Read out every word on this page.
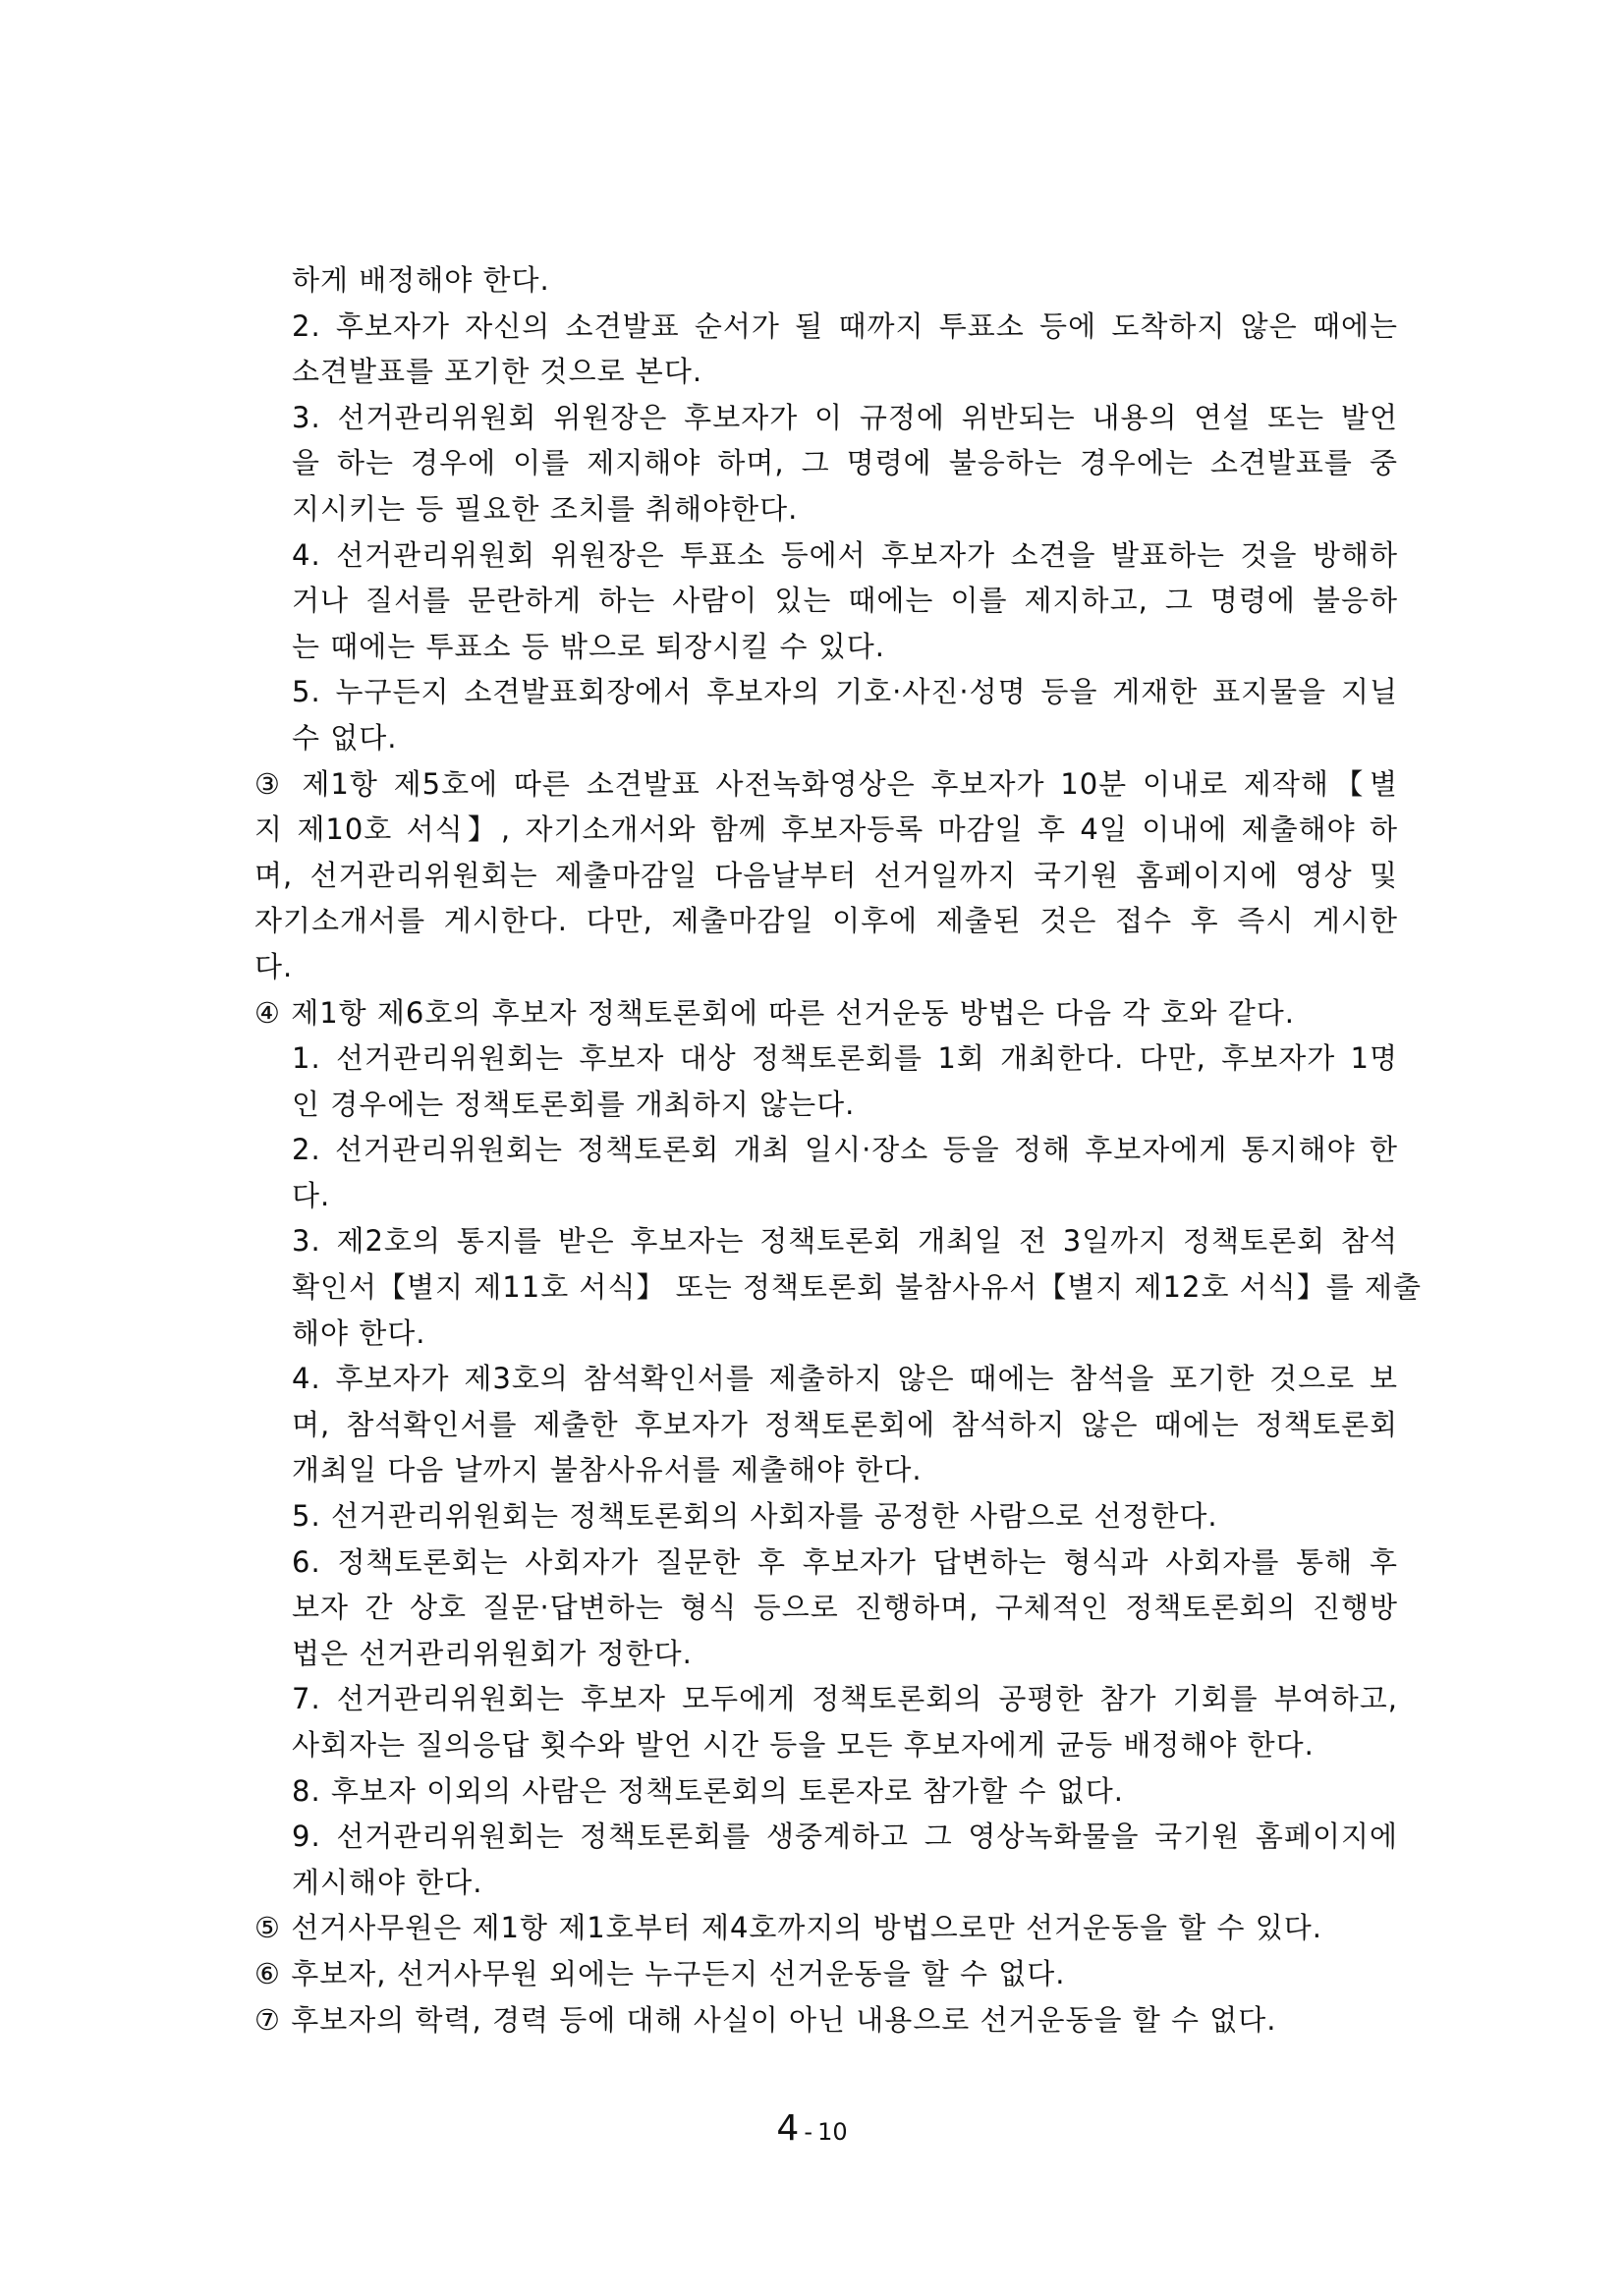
하게 배정해야 한다.
2. 후보자가 자신의 소견발표 순서가 될 때까지 투표소 등에 도착하지 않은 때에는
소견발표를 포기한 것으로 본다.
3. 선거관리위원회 위원장은 후보자가 이 규정에 위반되는 내용의 연설 또는 발언
을 하는 경우에 이를 제지해야 하며, 그 명령에 불응하는 경우에는 소견발표를 중
지시키는 등 필요한 조치를 취해야한다.
4. 선거관리위원회 위원장은 투표소 등에서 후보자가 소견을 발표하는 것을 방해하
거나 질서를 문란하게 하는 사람이 있는 때에는 이를 제지하고, 그 명령에 불응하
는 때에는 투표소 등 밖으로 퇴장시킬 수 있다.
5. 누구든지 소견발표회장에서 후보자의 기호·사진·성명 등을 게재한 표지물을 지닐
수 없다.
③ 제1항 제5호에 따른 소견발표 사전녹화영상은 후보자가 10분 이내로 제작해【별
지 제10호 서식】, 자기소개서와 함께 후보자등록 마감일 후 4일 이내에 제출해야 하
며, 선거관리위원회는 제출마감일 다음날부터 선거일까지 국기원 홈페이지에 영상 및
자기소개서를 게시한다. 다만, 제출마감일 이후에 제출된 것은 접수 후 즉시 게시한
다.
④ 제1항 제6호의 후보자 정책토론회에 따른 선거운동 방법은 다음 각 호와 같다.
1. 선거관리위원회는 후보자 대상 정책토론회를 1회 개최한다. 다만, 후보자가 1명
인 경우에는 정책토론회를 개최하지 않는다.
2. 선거관리위원회는 정책토론회 개최 일시·장소 등을 정해 후보자에게 통지해야 한
다.
3. 제2호의 통지를 받은 후보자는 정책토론회 개최일 전 3일까지 정책토론회 참석
확인서【별지 제11호 서식】 또는 정책토론회 불참사유서【별지 제12호 서식】를 제출
해야 한다.
4. 후보자가 제3호의 참석확인서를 제출하지 않은 때에는 참석을 포기한 것으로 보
며, 참석확인서를 제출한 후보자가 정책토론회에 참석하지 않은 때에는 정책토론회
개최일 다음 날까지 불참사유서를 제출해야 한다.
5. 선거관리위원회는 정책토론회의 사회자를 공정한 사람으로 선정한다.
6. 정책토론회는 사회자가 질문한 후 후보자가 답변하는 형식과 사회자를 통해 후
보자 간 상호 질문·답변하는 형식 등으로 진행하며, 구체적인 정책토론회의 진행방
법은 선거관리위원회가 정한다.
7. 선거관리위원회는 후보자 모두에게 정책토론회의 공평한 참가 기회를 부여하고,
사회자는 질의응답 횟수와 발언 시간 등을 모든 후보자에게 균등 배정해야 한다.
8. 후보자 이외의 사람은 정책토론회의 토론자로 참가할 수 없다.
9. 선거관리위원회는 정책토론회를 생중계하고 그 영상녹화물을 국기원 홈페이지에
게시해야 한다.
⑤ 선거사무원은 제1항 제1호부터 제4호까지의 방법으로만 선거운동을 할 수 있다.
⑥ 후보자, 선거사무원 외에는 누구든지 선거운동을 할 수 없다.
⑦ 후보자의 학력, 경력 등에 대해 사실이 아닌 내용으로 선거운동을 할 수 없다.
4 - 10
